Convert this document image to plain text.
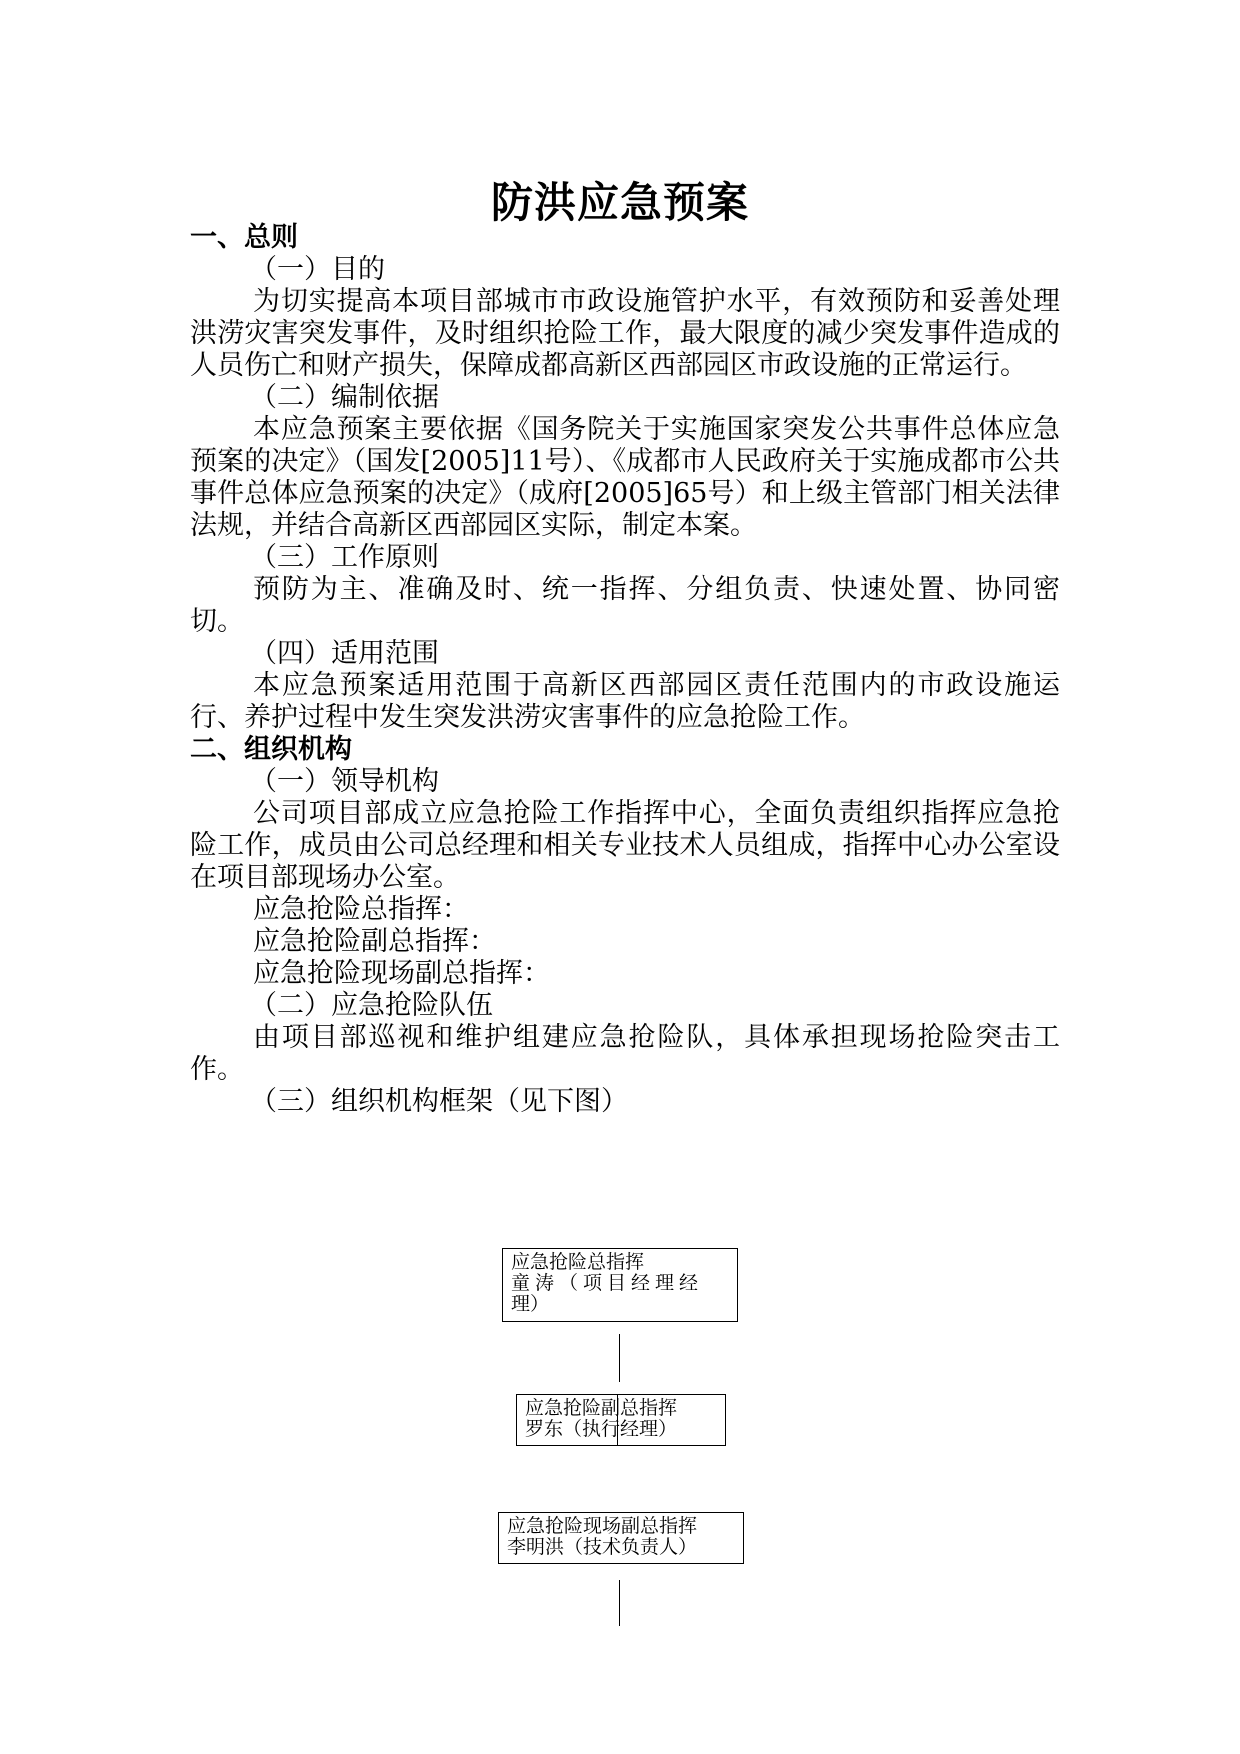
防洪应急预案

一、总则

（一）目的

为切实提高本项目部城市市政设施管护水平，有效预防和妥善处理洪涝灾害突发事件，及时组织抢险工作，最大限度的减少突发事件造成的人员伤亡和财产损失，保障成都高新区西部园区市政设施的正常运行。

（二）编制依据

本应急预案主要依据《国务院关于实施国家突发公共事件总体应急预案的决定》（国发[2005]11号）、《成都市人民政府关于实施成都市公共事件总体应急预案的决定》（成府[2005]65号）和上级主管部门相关法律法规，并结合高新区西部园区实际，制定本案。

（三）工作原则

预防为主、准确及时、统一指挥、分组负责、快速处置、协同密切。

（四）适用范围

本应急预案适用范围于高新区西部园区责任范围内的市政设施运行、养护过程中发生突发洪涝灾害事件的应急抢险工作。

二、组织机构

（一）领导机构

公司项目部成立应急抢险工作指挥中心，全面负责组织指挥应急抢险工作，成员由公司总经理和相关专业技术人员组成，指挥中心办公室设在项目部现场办公室。

应急抢险总指挥：

应急抢险副总指挥：

应急抢险现场副总指挥：

（二）应急抢险队伍

由项目部巡视和维护组建应急抢险队，具体承担现场抢险突击工作。

（三）组织机构框架（见下图）

应急抢险总指挥
童涛（项目经理经
理）
应急抢险副总指挥
罗东（执行经理）
应急抢险现场副总指挥
李明洪（技术负责人）
